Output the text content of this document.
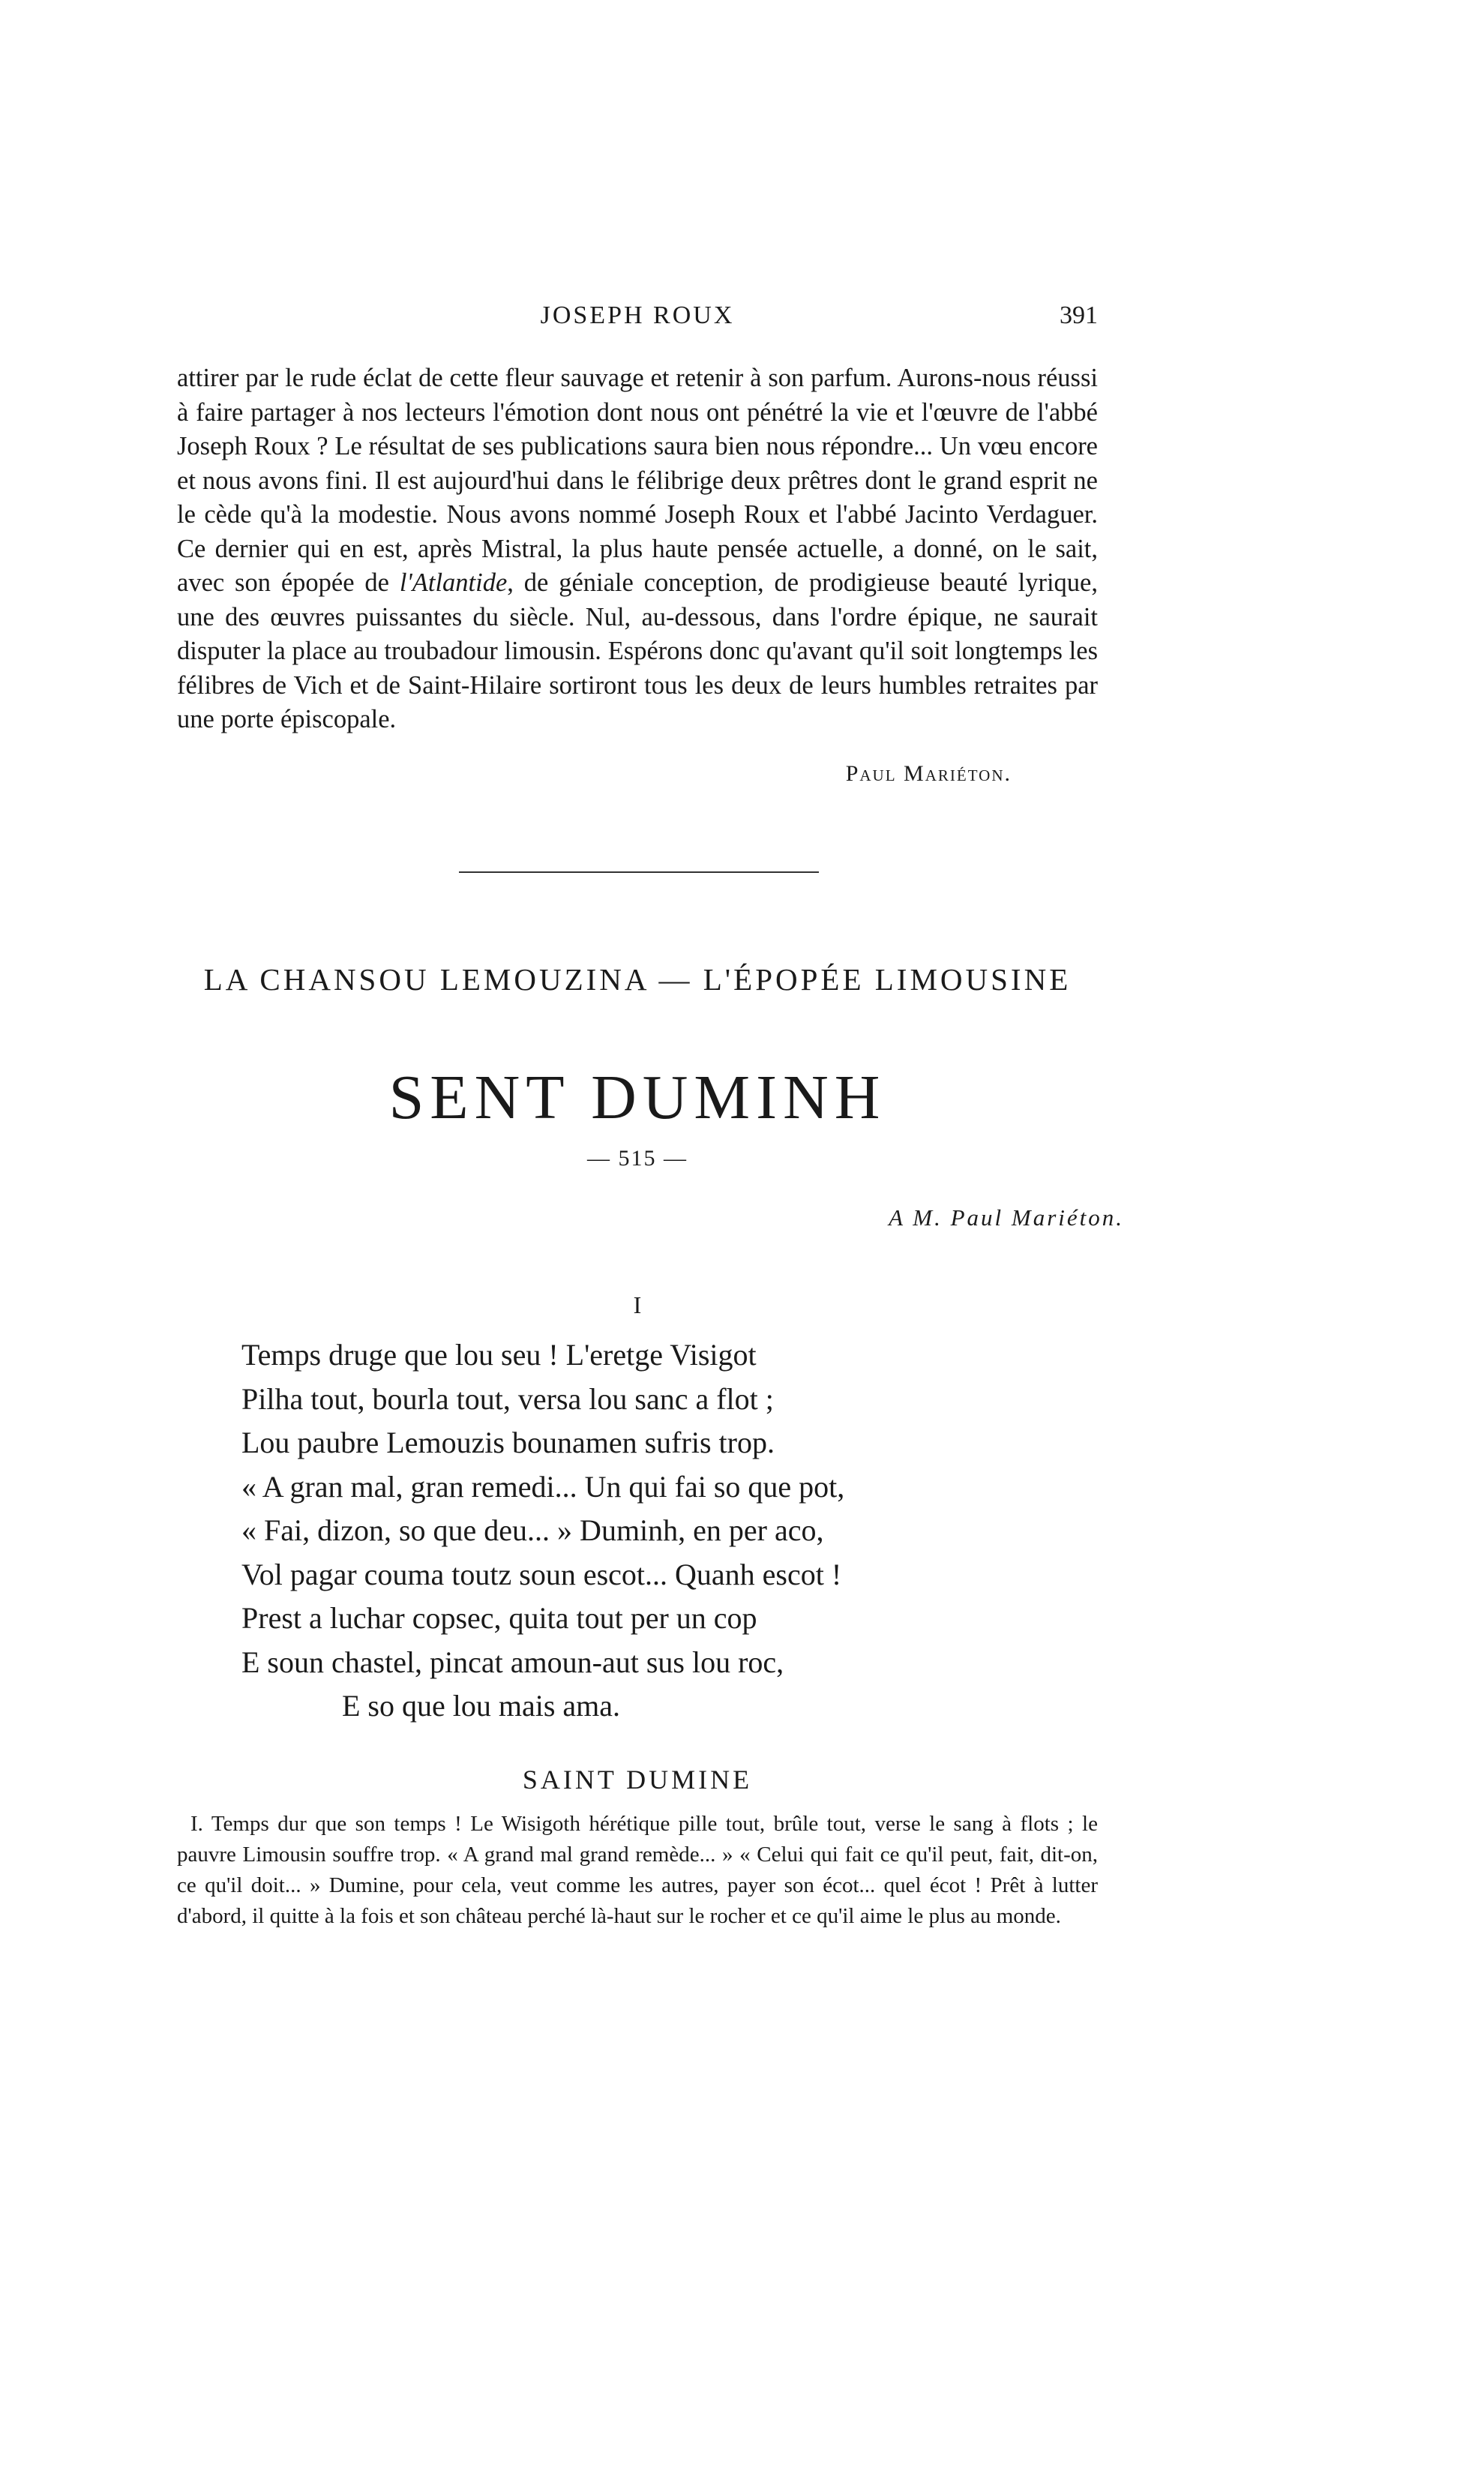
JOSEPH ROUX	391

attirer par le rude éclat de cette fleur sauvage et retenir à son parfum. Aurons-nous réussi à faire partager à nos lecteurs l'émotion dont nous ont pénétré la vie et l'œuvre de l'abbé Joseph Roux ? Le résultat de ses publications saura bien nous répondre... Un vœu encore et nous avons fini. Il est aujourd'hui dans le félibrige deux prêtres dont le grand esprit ne le cède qu'à la modestie. Nous avons nommé Joseph Roux et l'abbé Jacinto Verdaguer. Ce dernier qui en est, après Mistral, la plus haute pensée actuelle, a donné, on le sait, avec son épopée de l'Atlantide, de géniale conception, de prodigieuse beauté lyrique, une des œuvres puissantes du siècle. Nul, au-dessous, dans l'ordre épique, ne saurait disputer la place au troubadour limousin. Espérons donc qu'avant qu'il soit longtemps les félibres de Vich et de Saint-Hilaire sortiront tous les deux de leurs humbles retraites par une porte épiscopale.

Paul Mariéton.
LA CHANSOU LEMOUZINA — L'ÉPOPÉE LIMOUSINE
SENT DUMINH
— 515 —
A M. Paul Mariéton.
I
Temps druge que lou seu ! L'eretge Visigot
Pilha tout, bourla tout, versa lou sanc a flot ;
Lou paubre Lemouzis bounamen sufris trop.
« A gran mal, gran remedi... Un qui fai so que pot,
« Fai, dizon, so que deu... » Duminh, en per aco,
Vol pagar couma toutz soun escot... Quanh escot !
Prest a luchar copsec, quita tout per un cop
E soun chastel, pincat amoun-aut sus lou roc,
E so que lou mais ama.
SAINT DUMINE

I. Temps dur que son temps ! Le Wisigoth hérétique pille tout, brûle tout, verse le sang à flots ; le pauvre Limousin souffre trop. « A grand mal grand remède... » « Celui qui fait ce qu'il peut, fait, dit-on, ce qu'il doit... » Dumine, pour cela, veut comme les autres, payer son écot... quel écot ! Prêt à lutter d'abord, il quitte à la fois et son château perché là-haut sur le rocher et ce qu'il aime le plus au monde.
